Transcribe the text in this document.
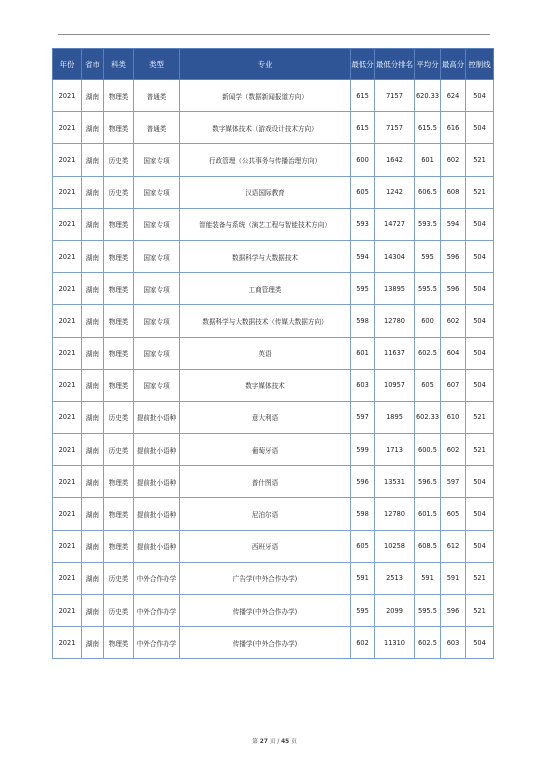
年份	省市	科类	类型	专业	最低分	最低分排名	平均分	最高分	控制线
2021	湖南	物理类	普通类	新闻学（数据新闻报道方向）	615	7157	620.33	624	504
2021	湖南	物理类	普通类	数字媒体技术（游戏设计技术方向）	615	7157	615.5	616	504
2021	湖南	历史类	国家专项	行政管理（公共事务与传播治理方向）	600	1642	601	602	521
2021	湖南	历史类	国家专项	汉语国际教育	605	1242	606.5	608	521
2021	湖南	物理类	国家专项	智能装备与系统（演艺工程与智能技术方向）	593	14727	593.5	594	504
2021	湖南	物理类	国家专项	数据科学与大数据技术	594	14304	595	596	504
2021	湖南	物理类	国家专项	工商管理类	595	13895	595.5	596	504
2021	湖南	物理类	国家专项	数据科学与大数据技术（传媒大数据方向）	598	12780	600	602	504
2021	湖南	物理类	国家专项	英语	601	11637	602.5	604	504
2021	湖南	物理类	国家专项	数字媒体技术	603	10957	605	607	504
2021	湖南	历史类	提前批小语种	意大利语	597	1895	602.33	610	521
2021	湖南	历史类	提前批小语种	葡萄牙语	599	1713	600.5	602	521
2021	湖南	物理类	提前批小语种	普什图语	596	13531	596.5	597	504
2021	湖南	物理类	提前批小语种	尼泊尔语	598	12780	601.5	605	504
2021	湖南	物理类	提前批小语种	西班牙语	605	10258	608.5	612	504
2021	湖南	历史类	中外合作办学	广告学(中外合作办学)	591	2513	591	591	521
2021	湖南	历史类	中外合作办学	传播学(中外合作办学)	595	2099	595.5	596	521
2021	湖南	物理类	中外合作办学	传播学(中外合作办学)	602	11310	602.5	603	504
第 27 页 / 45 页
